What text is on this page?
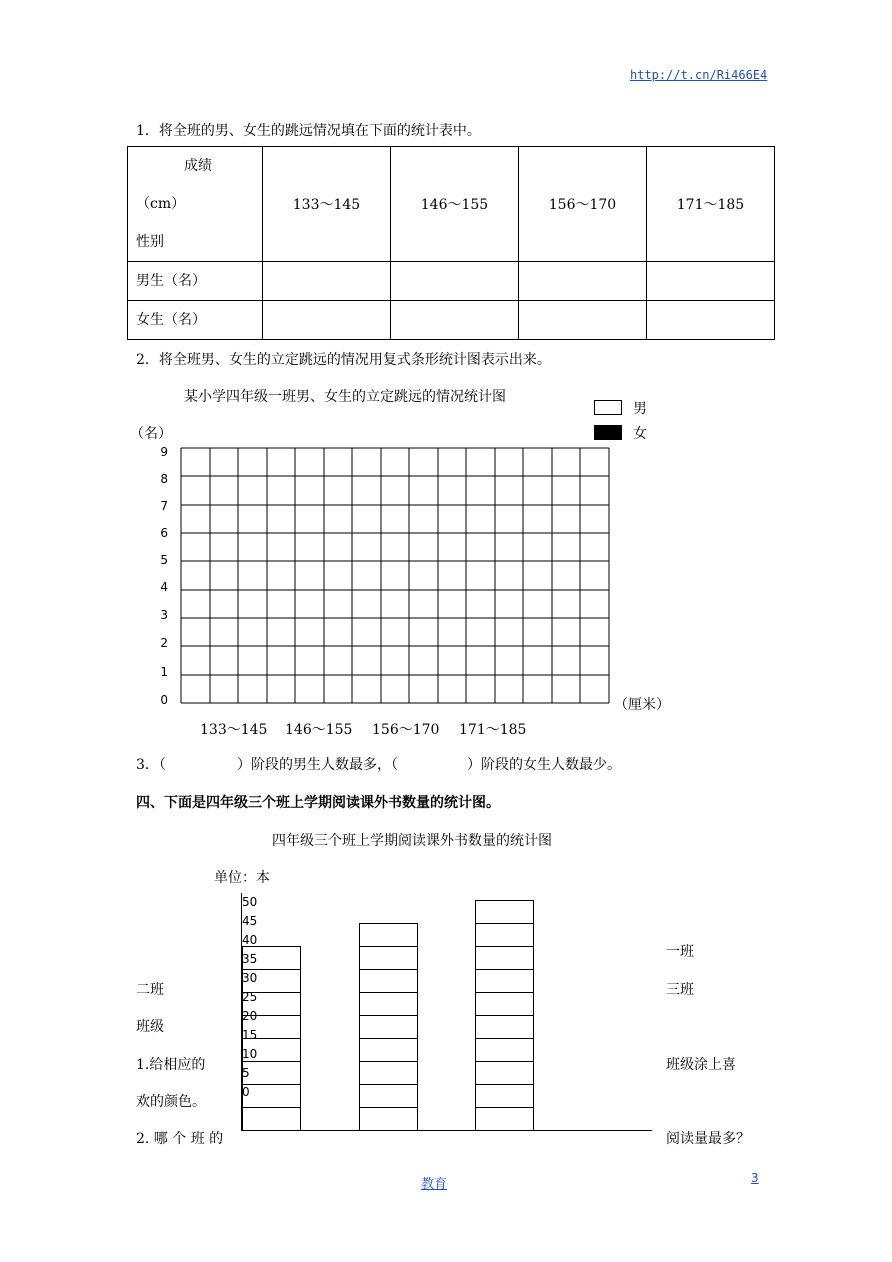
http://t.cn/Ri466E4
1．将全班的男、女生的跳远情况填在下面的统计表中。
成绩
（cm）
性别	133～145	146～155	156～170	171～185
男生（名）				
女生（名）				
2．将全班男、女生的立定跳远的情况用复式条形统计图表示出来。
某小学四年级一班男、女生的立定跳远的情况统计图
男
女
（名）
9
8
7
6
5
4
3
2
1
0	（厘米）
133～145 146～155 156～170 171～185
3．（	）阶段的男生人数最多，（	）阶段的女生人数最少。
四、下面是四年级三个班上学期阅读课外书数量的统计图。
四年级三个班上学期阅读课外书数量的统计图
单位：本
50
45
40
35
30
25
20
15
10
5
0
二班
班级
1.给相应的
欢的颜色。
2. 哪 个 班 的
一班
三班
班级涂上喜
阅读量最多？
教育	3
